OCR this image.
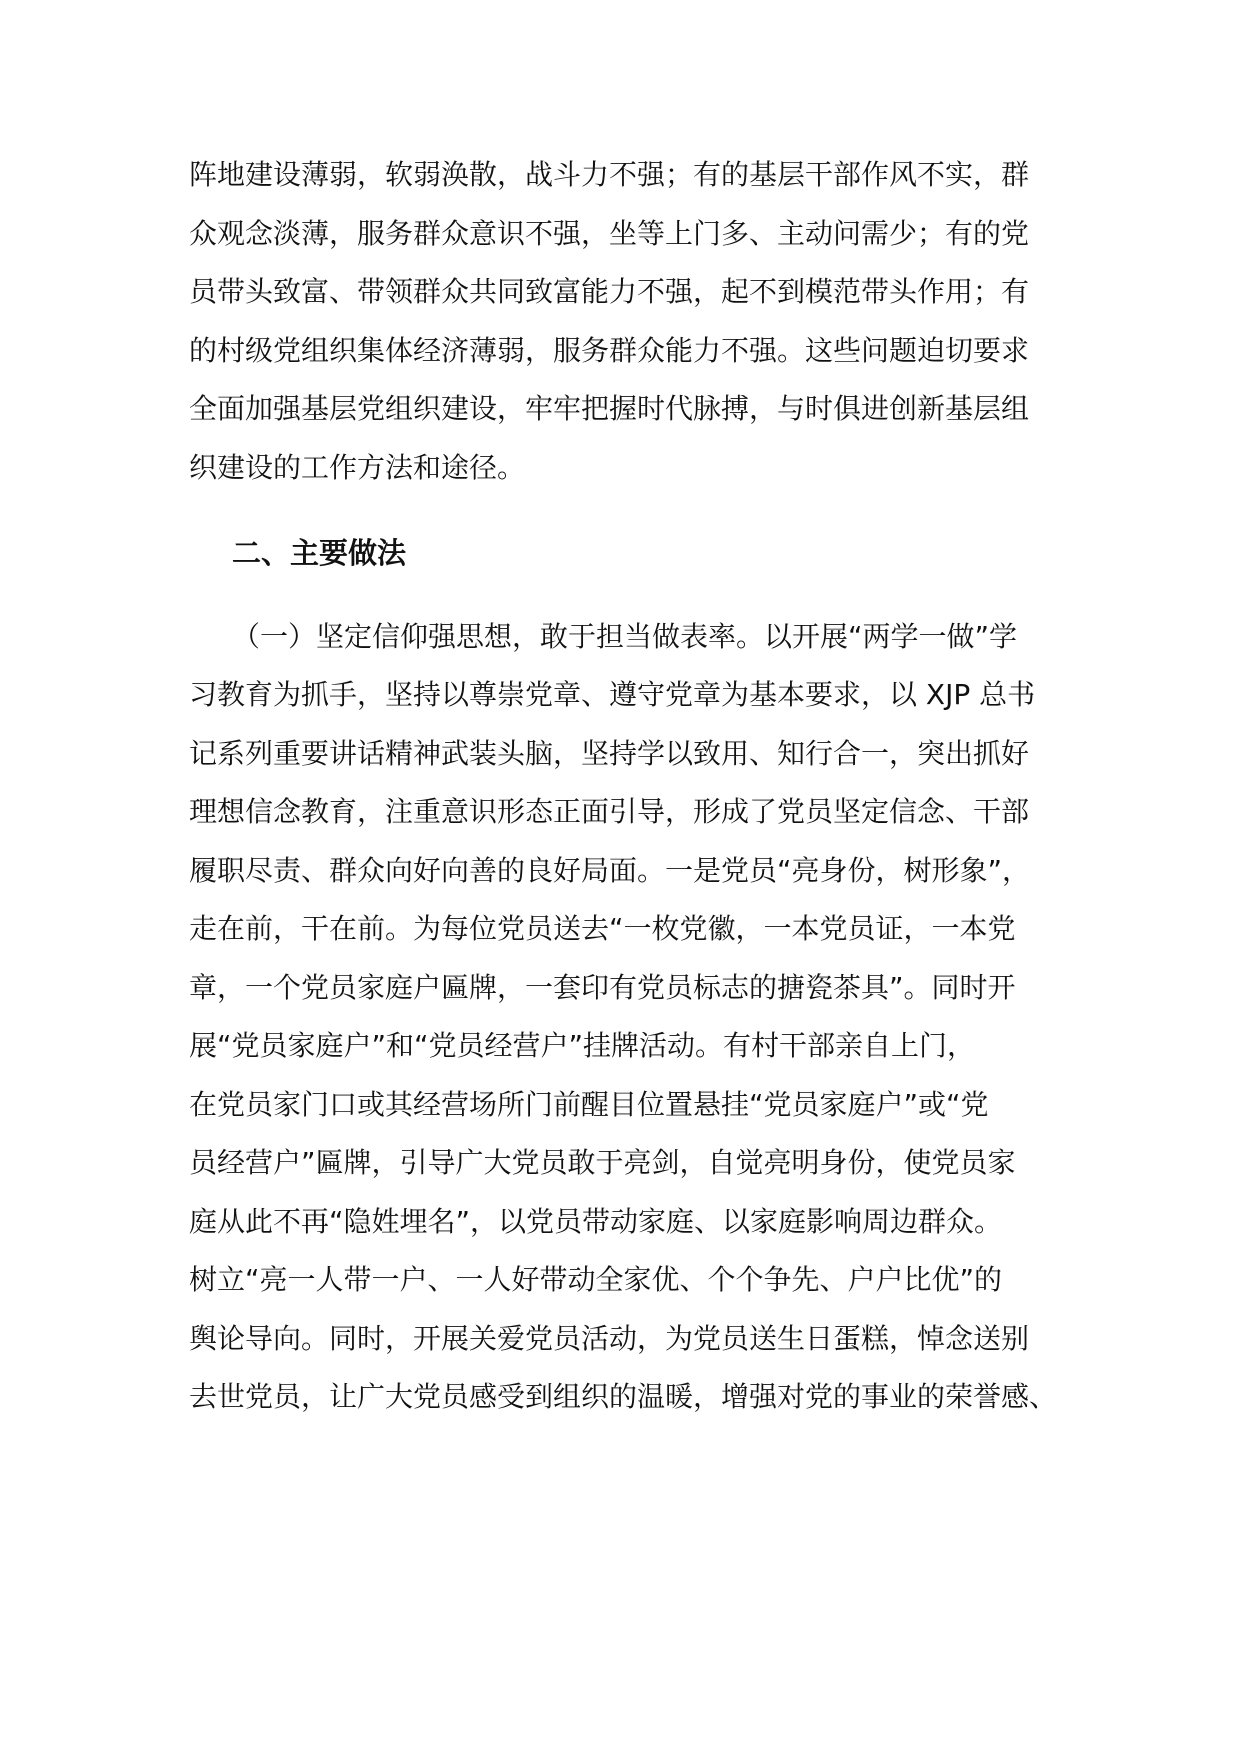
阵地建设薄弱，软弱涣散，战斗力不强；有的基层干部作风不实，群
众观念淡薄，服务群众意识不强，坐等上门多、主动问需少；有的党
员带头致富、带领群众共同致富能力不强，起不到模范带头作用；有
的村级党组织集体经济薄弱，服务群众能力不强。这些问题迫切要求
全面加强基层党组织建设，牢牢把握时代脉搏，与时俱进创新基层组
织建设的工作方法和途径。
二、主要做法
（一）坚定信仰强思想，敢于担当做表率。以开展“两学一做”学
习教育为抓手，坚持以尊崇党章、遵守党章为基本要求，以 XJP 总书
记系列重要讲话精神武装头脑，坚持学以致用、知行合一，突出抓好
理想信念教育，注重意识形态正面引导，形成了党员坚定信念、干部
履职尽责、群众向好向善的良好局面。一是党员“亮身份，树形象”，
走在前，干在前。为每位党员送去“一枚党徽，一本党员证，一本党
章，一个党员家庭户匾牌，一套印有党员标志的搪瓷茶具”。同时开
展“党员家庭户”和“党员经营户”挂牌活动。有村干部亲自上门，
在党员家门口或其经营场所门前醒目位置悬挂“党员家庭户”或“党
员经营户”匾牌，引导广大党员敢于亮剑，自觉亮明身份，使党员家
庭从此不再“隐姓埋名”，以党员带动家庭、以家庭影响周边群众。
树立“亮一人带一户、一人好带动全家优、个个争先、户户比优”的
舆论导向。同时，开展关爱党员活动，为党员送生日蛋糕，悼念送别
去世党员，让广大党员感受到组织的温暖，增强对党的事业的荣誉感、
